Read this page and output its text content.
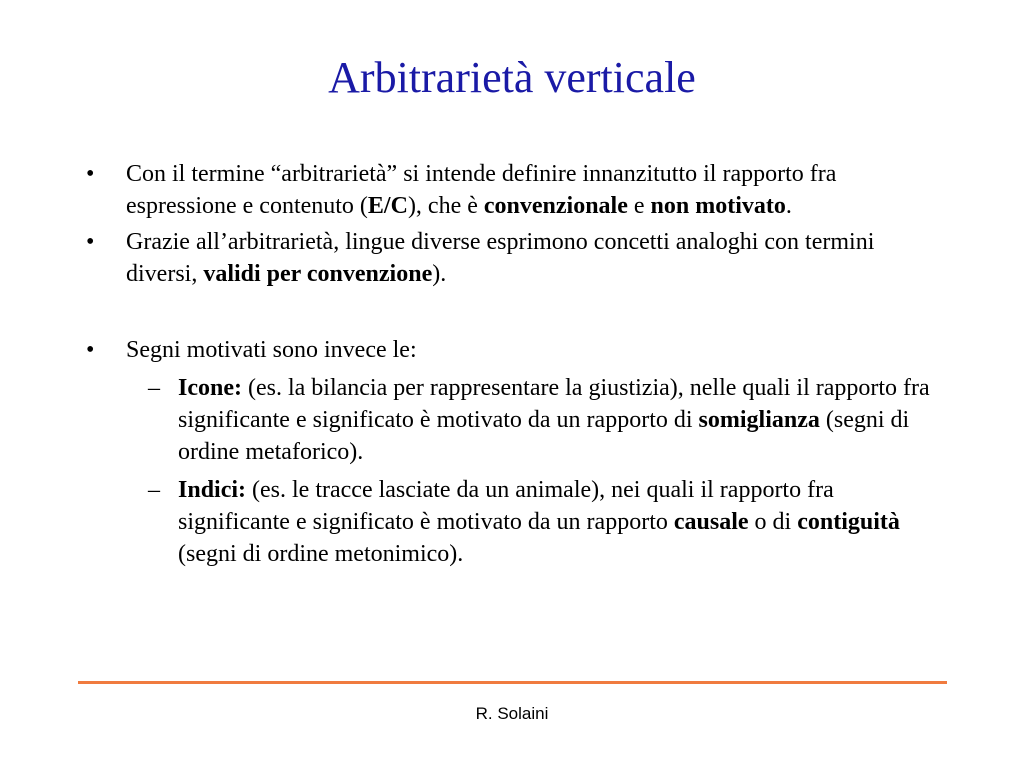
Arbitrarietà verticale
• Con il termine “arbitrarietà” si intende definire innanzitutto il rapporto fra espressione e contenuto (E/C), che è convenzionale e non motivato.
• Grazie all’arbitrarietà, lingue diverse esprimono concetti analoghi con termini diversi, validi per convenzione).
• Segni motivati sono invece le:
– Icone: (es. la bilancia per rappresentare la giustizia), nelle quali il rapporto fra significante e significato è motivato da un rapporto di somiglianza (segni di ordine metaforico).
– Indici: (es. le tracce lasciate da un animale), nei quali il rapporto fra significante e significato è motivato da un rapporto causale o di contiguità (segni di ordine metonimico).
R. Solaini
